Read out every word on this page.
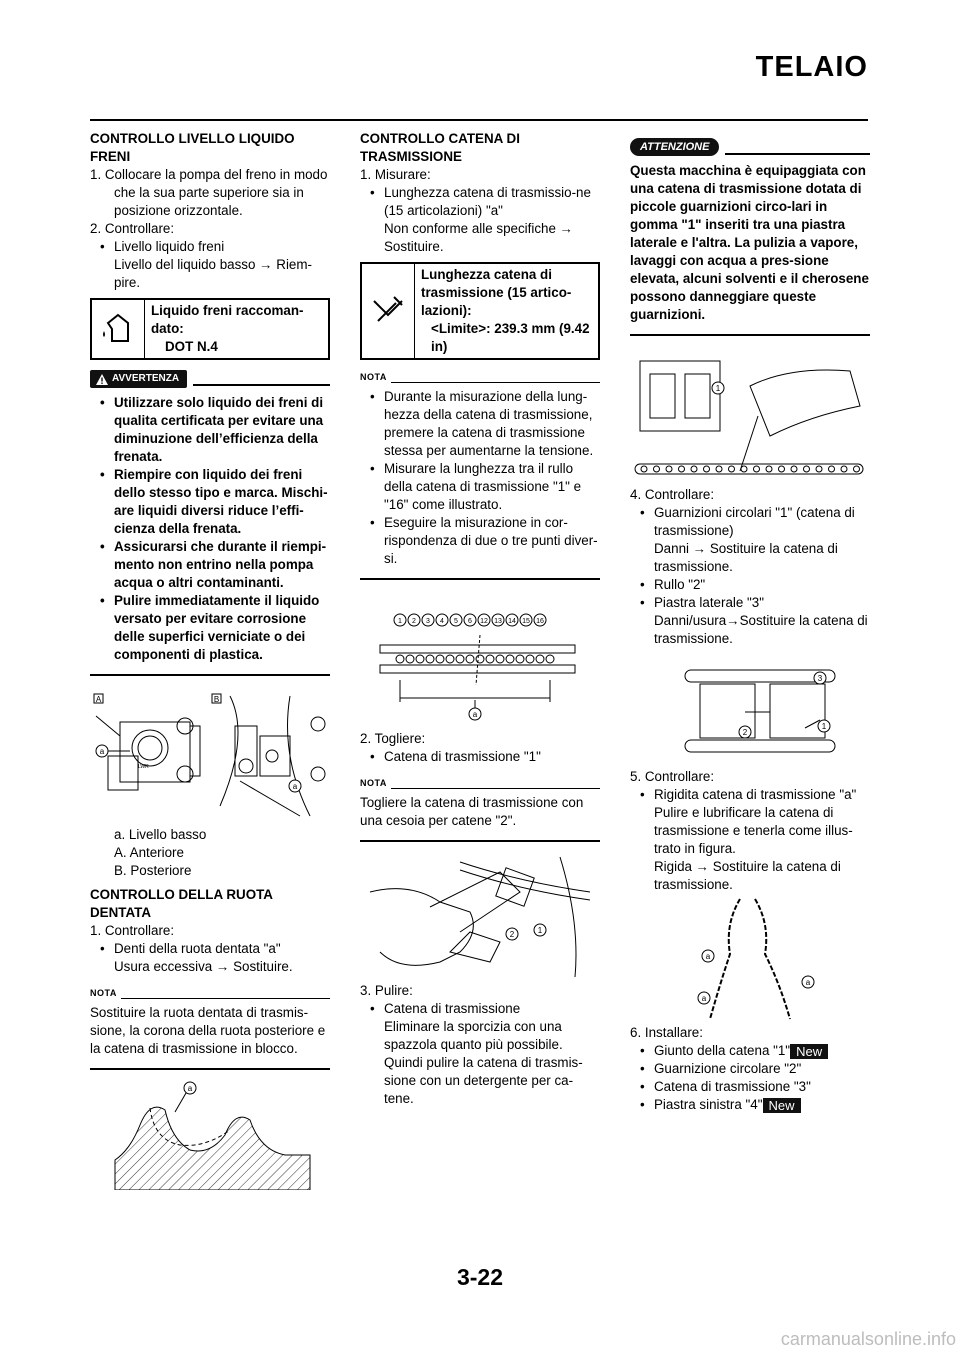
TELAIO
CONTROLLO LIVELLO LIQUIDO FRENI

1. Collocare la pompa del freno in modo che la sua parte superiore sia in posizione orizzontale.

2. Controllare:

• Livello liquido freni

Livello del liquido basso → Riem-pire.

Liquido freni raccoman-dato:
DOT N.4
AVVERTENZA

• Utilizzare solo liquido dei freni di qualita certificata per evitare una diminuzione dell’efficienza della frenata.

• Riempire con liquido dei freni dello stesso tipo e marca. Mischi-are liquidi diversi riduce l’effi-cienza della frenata.

• Assicurarsi che durante il riempi-mento non entrino nella pompa acqua o altri contaminanti.

• Pulire immediatamente il liquido versato per evitare corrosione delle superfici verniciate o dei componenti di plastica.

A	B
a
LWR
a

a. Livello basso

A. Anteriore

B. Posteriore

CONTROLLO DELLA RUOTA DENTATA

1. Controllare:

• Denti della ruota dentata "a"

Usura eccessiva → Sostituire.

NOTA

Sostituire la ruota dentata di trasmis-sione, la corona della ruota posteriore e la catena di trasmissione in blocco.

a
CONTROLLO CATENA DI TRASMISSIONE

1. Misurare:

• Lunghezza catena di trasmissio-ne (15 articolazioni) "a"

Non conforme alle specifiche → Sostituire.

Lunghezza catena di trasmissione (15 artico-lazioni):
<Limite>: 239.3 mm (9.42 in)
NOTA

• Durante la misurazione della lung-hezza della catena di trasmissione, premere la catena di trasmissione stessa per aumentarne la tensione.

• Misurare la lunghezza tra il rullo della catena di trasmissione "1" e "16" come illustrato.

• Eseguire la misurazione in cor-rispondenza di due o tre punti diver-si.

1 2 3 4 5 6 12 13 14 15 16
a

2. Togliere:

• Catena di trasmissione "1"

NOTA

Togliere la catena di trasmissione con una cesoia per catene "2".

2	1

3. Pulire:

• Catena di trasmissione

Eliminare la sporcizia con una spazzola quanto più possibile. Quindi pulire la catena di trasmis-sione con un detergente per ca-tene.

ATTENZIONE

Questa macchina è equipaggiata con una catena di trasmissione dotata di piccole guarnizioni circo-lari in gomma "1" inseriti tra una piastra laterale e l'altra. La pulizia a vapore, lavaggi con acqua a pres-sione elevata, alcuni solventi e il cherosene possono danneggiare queste guarnizioni.

1

4. Controllare:

• Guarnizioni circolari "1" (catena di trasmissione)

Danni → Sostituire la catena di trasmissione.

• Rullo "2"

• Piastra laterale "3"

Danni/usura→Sostituire la catena di trasmissione.

3
2
1

5. Controllare:

• Rigidita catena di trasmissione "a"

Pulire e lubrificare la catena di trasmissione e tenerla come illus-trato in figura.

Rigida → Sostituire la catena di trasmissione.

a
a
a

6. Installare:

• Giunto della catena "1" New

• Guarnizione circolare "2"

• Catena di trasmissione "3"

• Piastra sinistra "4" New

3-22
carmanualsonline.info
